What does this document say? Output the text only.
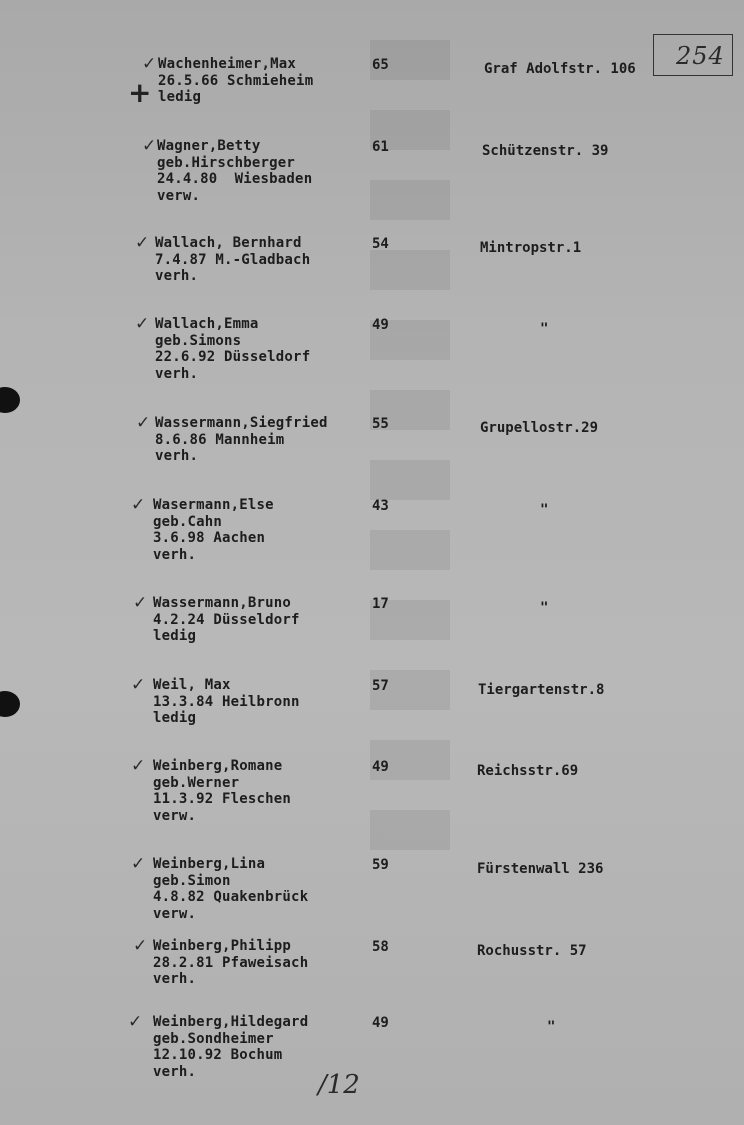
254
+
✓ Wachenheimer,Max
26.5.66 Schmieheim
ledig
65	Graf Adolfstr. 106
✓ Wagner,Betty
geb.Hirschberger
24.4.80  Wiesbaden
verw.
61	Schützenstr. 39
✓ Wallach, Bernhard
7.4.87 M.-Gladbach
verh.
54	Mintropstr.1
✓ Wallach,Emma
geb.Simons
22.6.92 Düsseldorf
verh.
49	"
✓ Wassermann,Siegfried
8.6.86 Mannheim
verh.
55	Grupellostr.29
✓ Wasermann,Else
geb.Cahn
3.6.98 Aachen
verh.
43	"
✓ Wassermann,Bruno
4.2.24 Düsseldorf
ledig
17	"
✓ Weil, Max
13.3.84 Heilbronn
ledig
57	Tiergartenstr.8
✓ Weinberg,Romane
geb.Werner
11.3.92 Fleschen
verw.
49	Reichsstr.69
✓ Weinberg,Lina
geb.Simon
4.8.82 Quakenbrück
verw.
59	Fürstenwall 236
✓ Weinberg,Philipp
28.2.81 Pfaweisach
verh.
58	Rochusstr. 57
✓ Weinberg,Hildegard
geb.Sondheimer
12.10.92 Bochum
verh.
49	"
/12
